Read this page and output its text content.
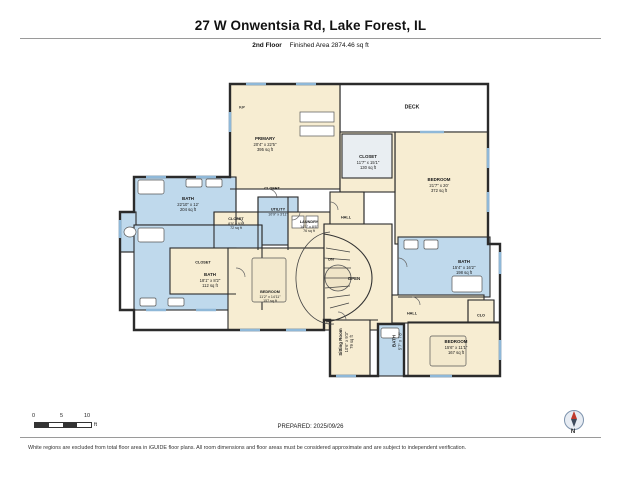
27 W Onwentsia Rd, Lake Forest, IL
2nd Floor Finished Area 2874.46 sq ft
DECK
F.P
PRIMARY
20'4" x 22'5"
395 sq ft
CLOSET
11'7" x 15'1"
130 sq ft
BEDROOM
21'7" x 20'
372 sq ft
CLOSET
BATH
22'10" x 12'
204 sq ft
CLOSET
8'5" x 9'8"
72 sq ft
UTILITY
10'9" x 3'11"
LAUNDRY
14'1" x 8'6"
76 sq ft
HALL
DN
OPEN
CLOSET
BATH
18'1" x 8'2"
112 sq ft
BEDROOM
11'2" x 14'11"
157 sq ft
BATH
15'4" x 16'2"
198 sq ft
HALL	CLO
BEDROOM
15'6" x 11'1"
167 sq ft
Sitting Room 10'6" x 9'3" 79 sq ft	BATH 5'7" x 7'8"
0	5	10
ft
N
PREPARED: 2025/09/26
White regions are excluded from total floor area in iGUIDE floor plans. All room dimensions and floor areas must be considered approximate and are subject to independent verification.
